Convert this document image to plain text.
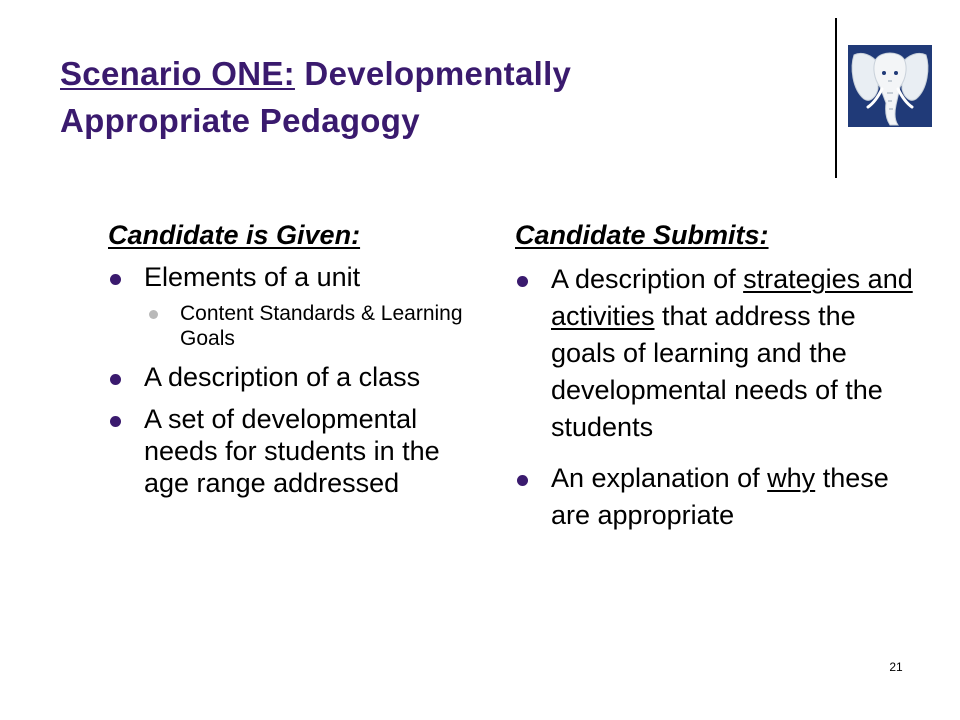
Scenario ONE: Developmentally
Appropriate Pedagogy
Candidate is Given:
Elements of a unit
Content Standards & Learning Goals
A description of a class
A set of developmental needs for students in the age range addressed
Candidate Submits:
A description of strategies and activities that address the goals of learning and the developmental needs of the students
An explanation of why these are appropriate
21
